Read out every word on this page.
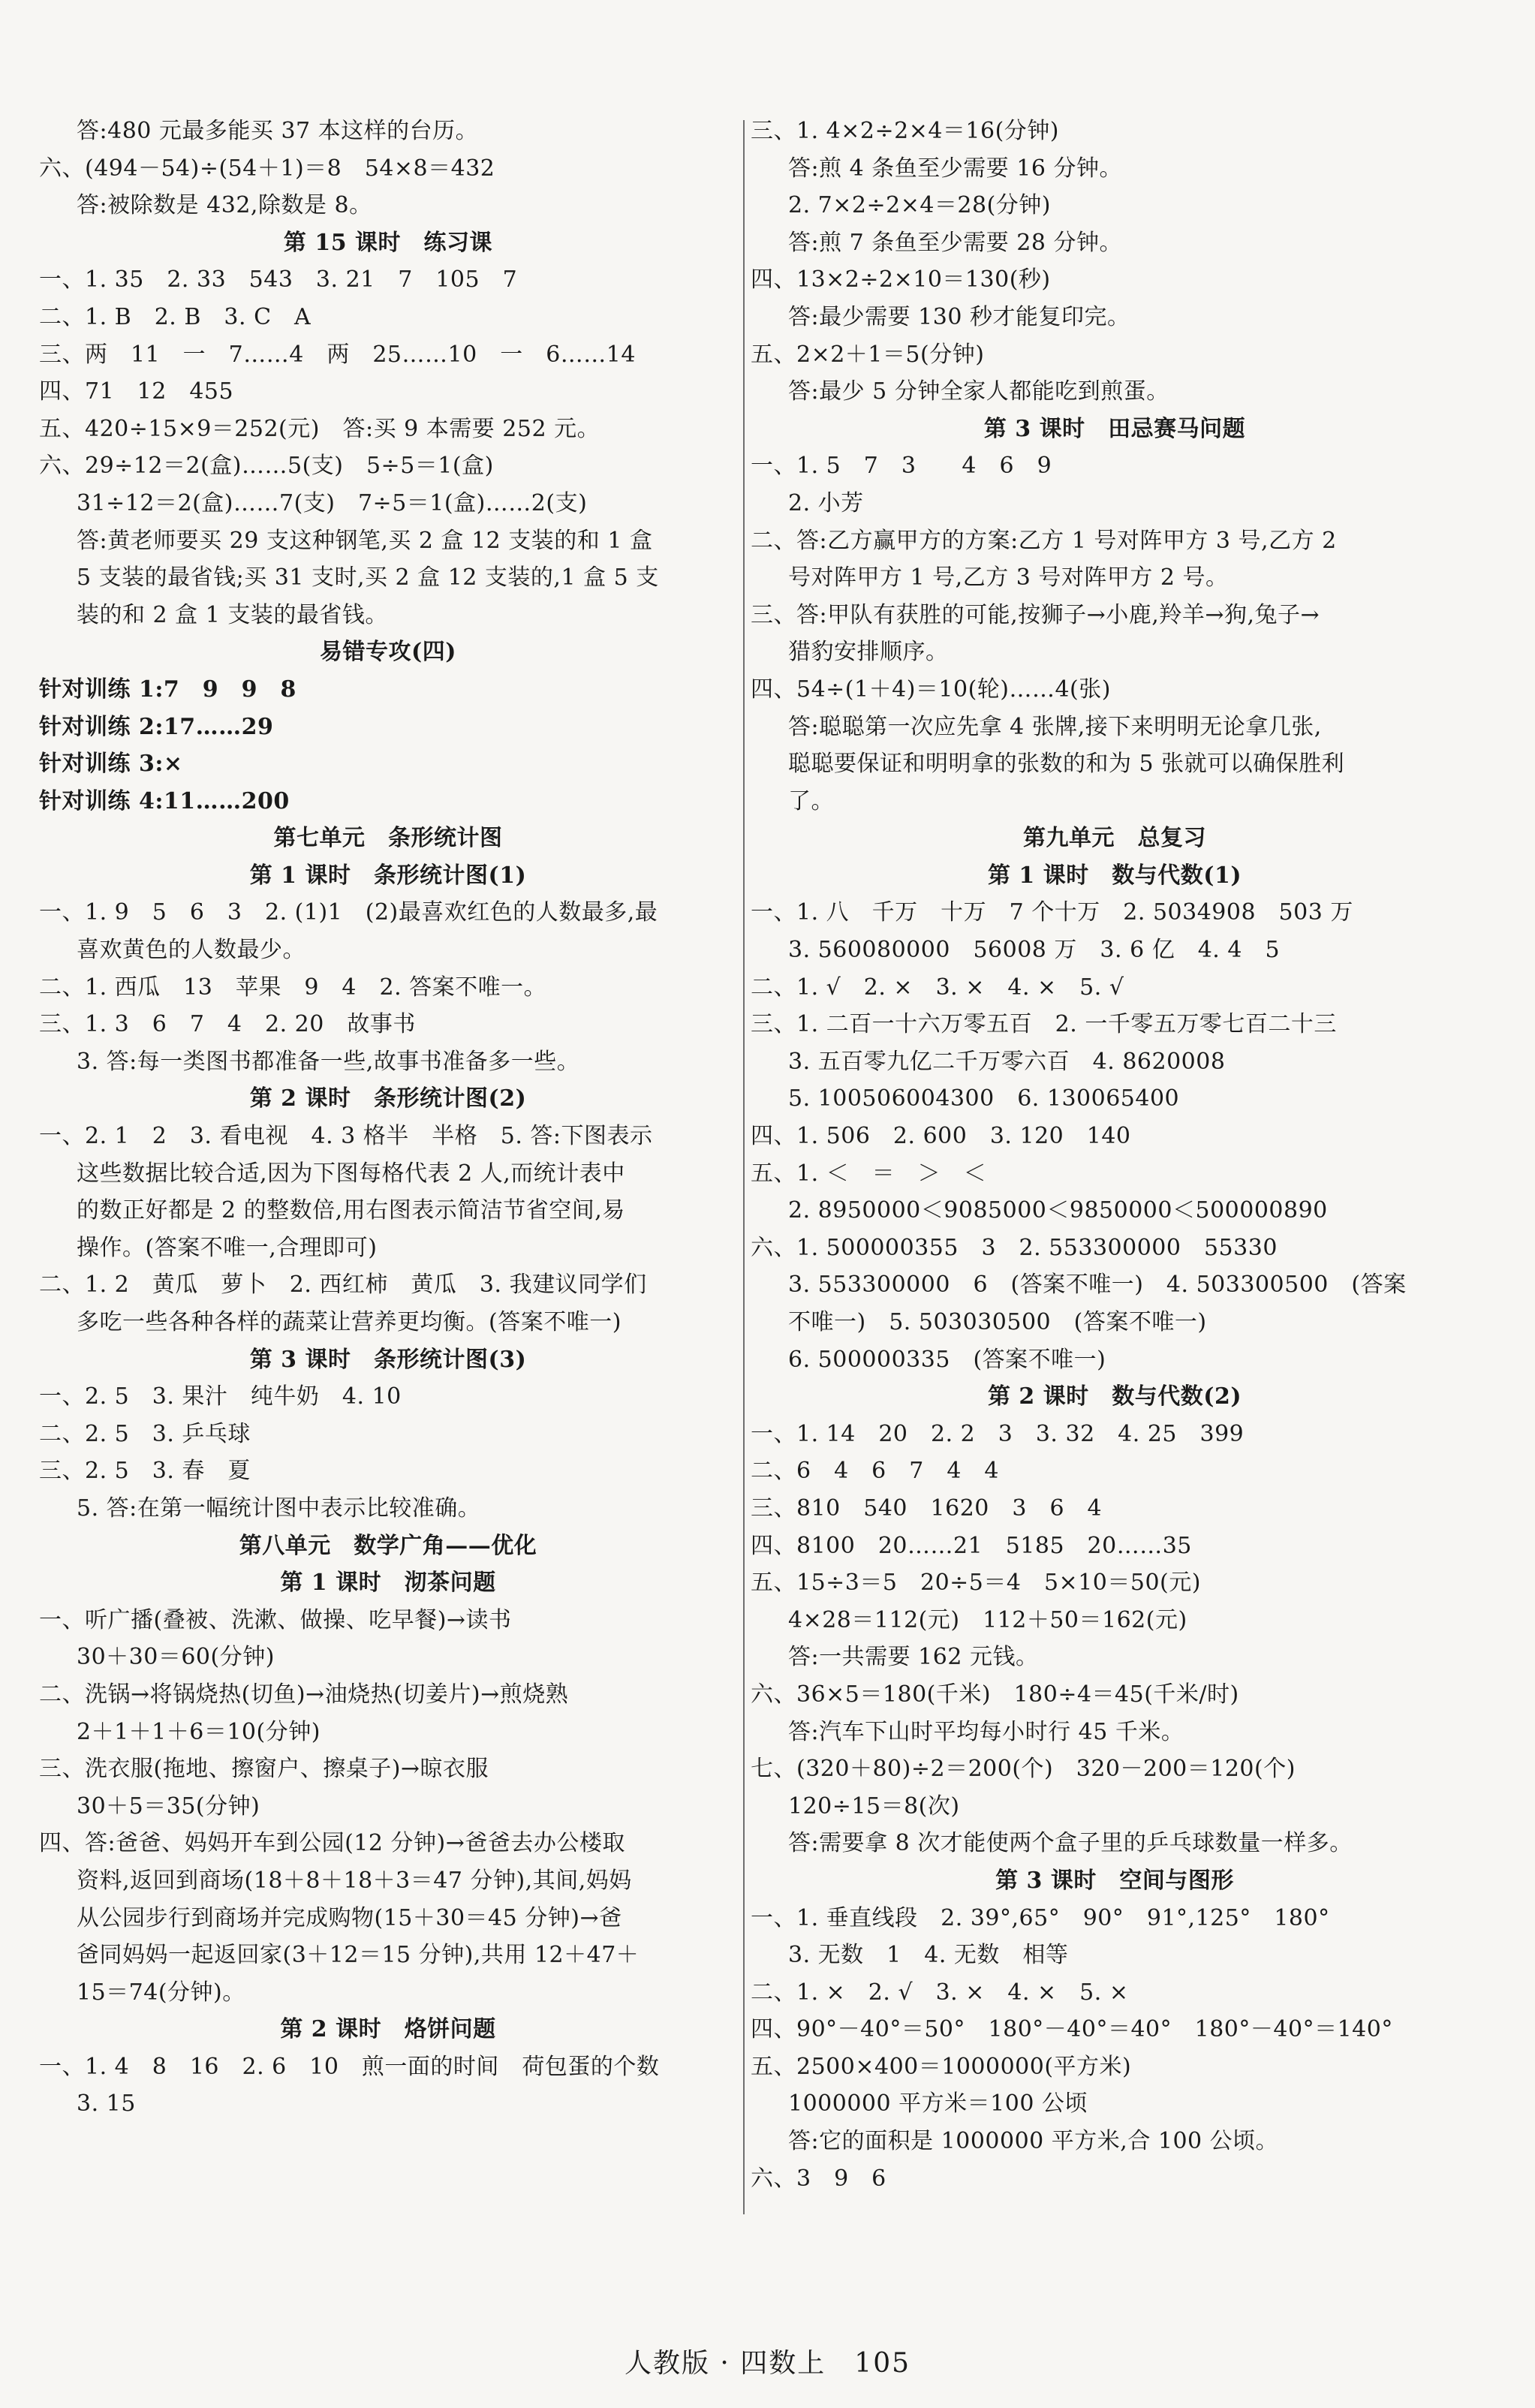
答:480 元最多能买 37 本这样的台历。
六、(494－54)÷(54＋1)＝8　54×8＝432
答:被除数是 432,除数是 8。
第 15 课时　练习课
一、1. 35　2. 33　543　3. 21　7　105　7
二、1. B　2. B　3. C　A
三、两　11　一　7……4　两　25……10　一　6……14
四、71　12　455
五、420÷15×9＝252(元)　答:买 9 本需要 252 元。
六、29÷12＝2(盒)……5(支)　5÷5＝1(盒)
31÷12＝2(盒)……7(支)　7÷5＝1(盒)……2(支)
答:黄老师要买 29 支这种钢笔,买 2 盒 12 支装的和 1 盒
5 支装的最省钱;买 31 支时,买 2 盒 12 支装的,1 盒 5 支
装的和 2 盒 1 支装的最省钱。
易错专攻(四)
针对训练 1:7　9　9　8
针对训练 2:17……29
针对训练 3:×
针对训练 4:11……200
第七单元　条形统计图
第 1 课时　条形统计图(1)
一、1. 9　5　6　3　2. (1)1　(2)最喜欢红色的人数最多,最
喜欢黄色的人数最少。
二、1. 西瓜　13　苹果　9　4　2. 答案不唯一。
三、1. 3　6　7　4　2. 20　故事书
3. 答:每一类图书都准备一些,故事书准备多一些。
第 2 课时　条形统计图(2)
一、2. 1　2　3. 看电视　4. 3 格半　半格　5. 答:下图表示
这些数据比较合适,因为下图每格代表 2 人,而统计表中
的数正好都是 2 的整数倍,用右图表示简洁节省空间,易
操作。(答案不唯一,合理即可)
二、1. 2　黄瓜　萝卜　2. 西红柿　黄瓜　3. 我建议同学们
多吃一些各种各样的蔬菜让营养更均衡。(答案不唯一)
第 3 课时　条形统计图(3)
一、2. 5　3. 果汁　纯牛奶　4. 10
二、2. 5　3. 乒乓球
三、2. 5　3. 春　夏
5. 答:在第一幅统计图中表示比较准确。
第八单元　数学广角——优化
第 1 课时　沏茶问题
一、听广播(叠被、洗漱、做操、吃早餐)→读书
30＋30＝60(分钟)
二、洗锅→将锅烧热(切鱼)→油烧热(切姜片)→煎烧熟
2＋1＋1＋6＝10(分钟)
三、洗衣服(拖地、擦窗户、擦桌子)→晾衣服
30＋5＝35(分钟)
四、答:爸爸、妈妈开车到公园(12 分钟)→爸爸去办公楼取
资料,返回到商场(18＋8＋18＋3＝47 分钟),其间,妈妈
从公园步行到商场并完成购物(15＋30＝45 分钟)→爸
爸同妈妈一起返回家(3＋12＝15 分钟),共用 12＋47＋
15＝74(分钟)。
第 2 课时　烙饼问题
一、1. 4　8　16　2. 6　10　煎一面的时间　荷包蛋的个数
3. 15
三、1. 4×2÷2×4＝16(分钟)
答:煎 4 条鱼至少需要 16 分钟。
2. 7×2÷2×4＝28(分钟)
答:煎 7 条鱼至少需要 28 分钟。
四、13×2÷2×10＝130(秒)
答:最少需要 130 秒才能复印完。
五、2×2＋1＝5(分钟)
答:最少 5 分钟全家人都能吃到煎蛋。
第 3 课时　田忌赛马问题
一、1. 5　7　3　　4　6　9
2. 小芳
二、答:乙方赢甲方的方案:乙方 1 号对阵甲方 3 号,乙方 2
号对阵甲方 1 号,乙方 3 号对阵甲方 2 号。
三、答:甲队有获胜的可能,按狮子→小鹿,羚羊→狗,兔子→
猎豹安排顺序。
四、54÷(1＋4)＝10(轮)……4(张)
答:聪聪第一次应先拿 4 张牌,接下来明明无论拿几张,
聪聪要保证和明明拿的张数的和为 5 张就可以确保胜利
了。
第九单元　总复习
第 1 课时　数与代数(1)
一、1. 八　千万　十万　7 个十万　2. 5034908　503 万
3. 560080000　56008 万　3. 6 亿　4. 4　5
二、1. √　2. ×　3. ×　4. ×　5. √
三、1. 二百一十六万零五百　2. 一千零五万零七百二十三
3. 五百零九亿二千万零六百　4. 8620008
5. 100506004300　6. 130065400
四、1. 506　2. 600　3. 120　140
五、1. ＜　＝　＞　＜
2. 8950000＜9085000＜9850000＜500000890
六、1. 500000355　3　2. 553300000　55330
3. 553300000　6　(答案不唯一)　4. 503300500　(答案
不唯一)　5. 503030500　(答案不唯一)
6. 500000335　(答案不唯一)
第 2 课时　数与代数(2)
一、1. 14　20　2. 2　3　3. 32　4. 25　399
二、6　4　6　7　4　4
三、810　540　1620　3　6　4
四、8100　20……21　5185　20……35
五、15÷3＝5　20÷5＝4　5×10＝50(元)
4×28＝112(元)　112＋50＝162(元)
答:一共需要 162 元钱。
六、36×5＝180(千米)　180÷4＝45(千米/时)
答:汽车下山时平均每小时行 45 千米。
七、(320＋80)÷2＝200(个)　320－200＝120(个)
120÷15＝8(次)
答:需要拿 8 次才能使两个盒子里的乒乓球数量一样多。
第 3 课时　空间与图形
一、1. 垂直线段　2. 39°,65°　90°　91°,125°　180°
3. 无数　1　4. 无数　相等
二、1. ×　2. √　3. ×　4. ×　5. ×
四、90°－40°＝50°　180°－40°＝40°　180°－40°＝140°
五、2500×400＝1000000(平方米)
1000000 平方米＝100 公顷
答:它的面积是 1000000 平方米,合 100 公顷。
六、3　9　6
人教版 · 四数上　105
